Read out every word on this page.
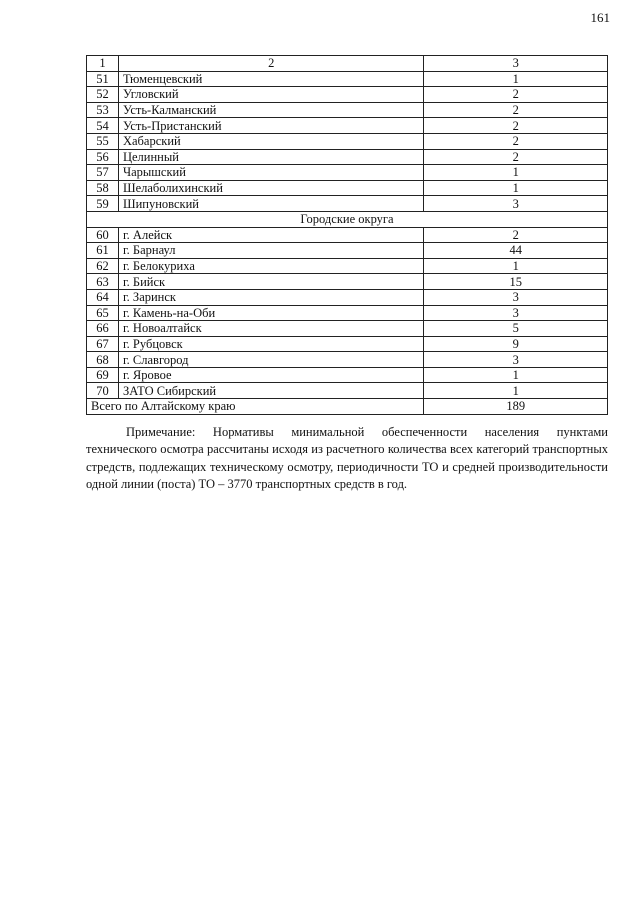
161
1	2	3
51	Тюменцевский	1
52	Угловский	2
53	Усть-Калманский	2
54	Усть-Пристанский	2
55	Хабарский	2
56	Целинный	2
57	Чарышский	1
58	Шелаболихинский	1
59	Шипуновский	3
Городские округа		
60	г. Алейск	2
61	г. Барнаул	44
62	г. Белокуриха	1
63	г. Бийск	15
64	г. Заринск	3
65	г. Камень-на-Оби	3
66	г. Новоалтайск	5
67	г. Рубцовск	9
68	г. Славгород	3
69	г. Яровое	1
70	ЗАТО Сибирский	1
Всего по Алтайскому краю		189

Примечание: Нормативы минимальной обеспеченности населения пунктами технического осмотра рассчитаны исходя из расчетного количества всех категорий транспортных стредств, подлежащих техническому осмотру, периодичности ТО и средней производительности одной линии (поста) ТО – 3770 транспортных средств в год.
